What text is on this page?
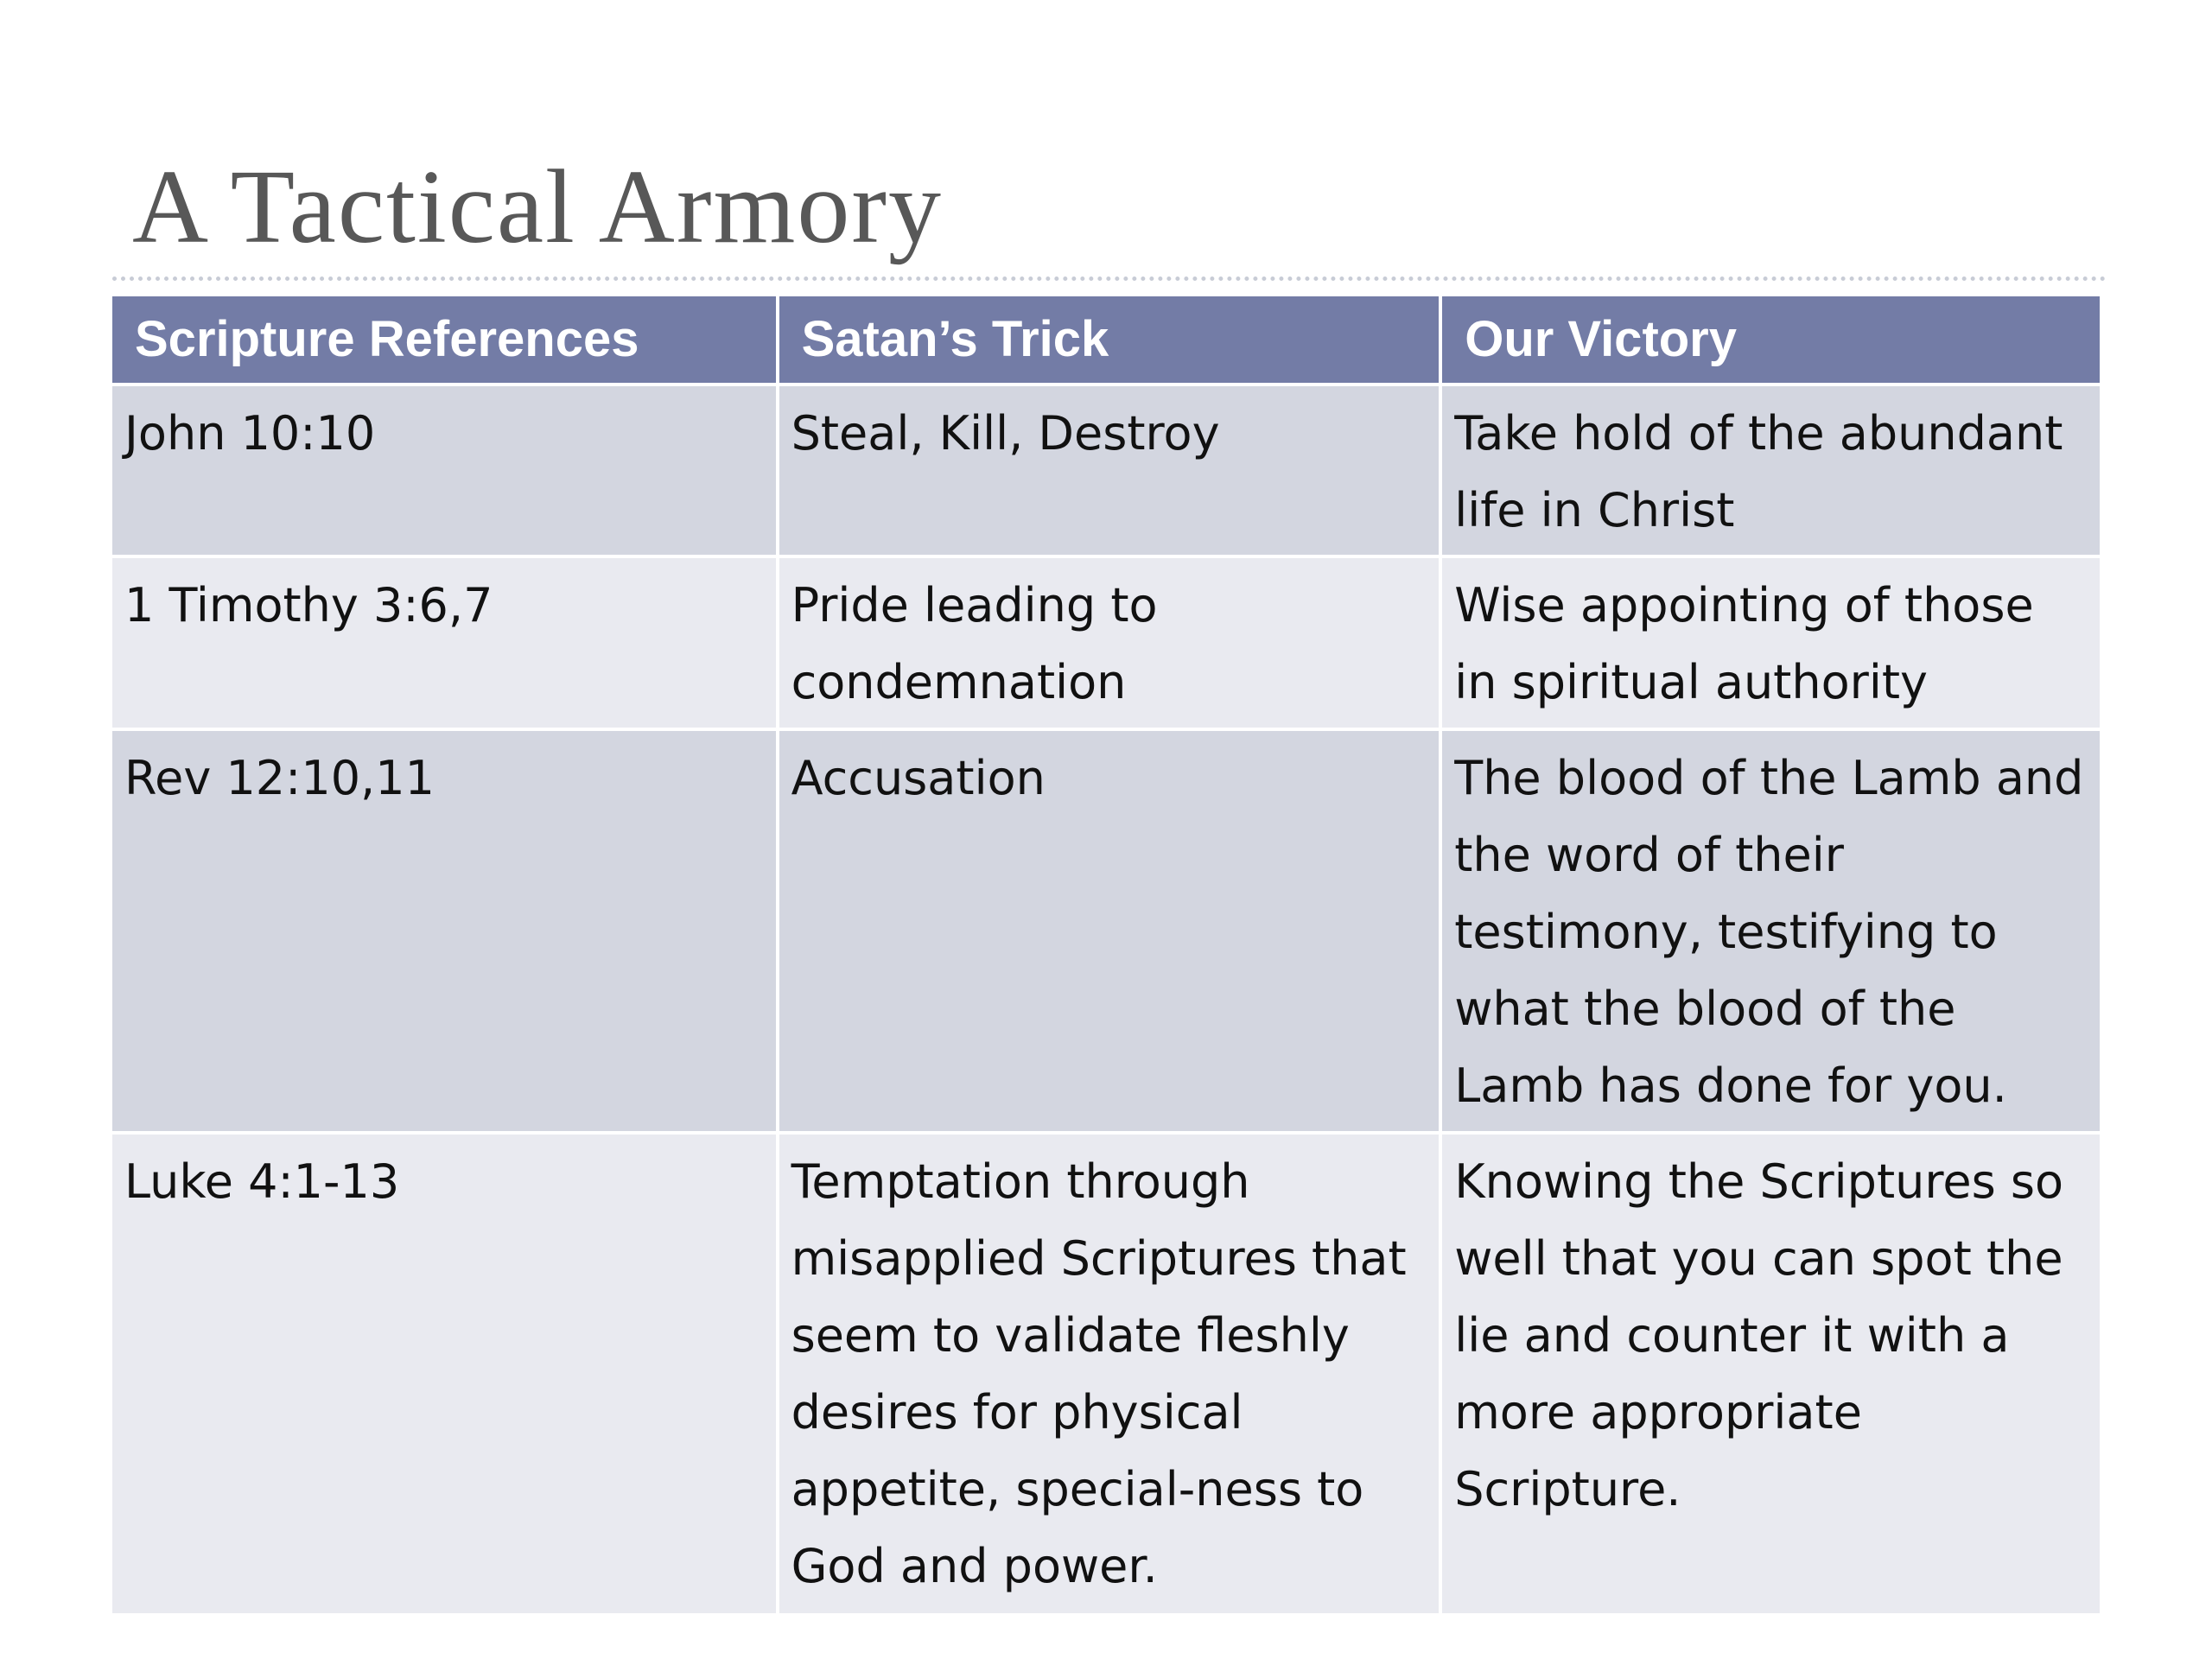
A Tactical Armory
Scripture References	Satan’s Trick	Our Victory
John 10:10	Steal, Kill, Destroy	Take hold of the abundant life in Christ
1 Timothy 3:6,7	Pride leading to condemnation	Wise appointing of those in spiritual authority
Rev 12:10,11	Accusation	The blood of the Lamb and the word of their testimony, testifying to what the blood of the Lamb has done for you.
Luke 4:1-13	Temptation through misapplied Scriptures that seem to validate fleshly desires for physical appetite, special-ness to God and power.	Knowing the Scriptures so well that you can spot the lie and counter it with a more appropriate Scripture.
